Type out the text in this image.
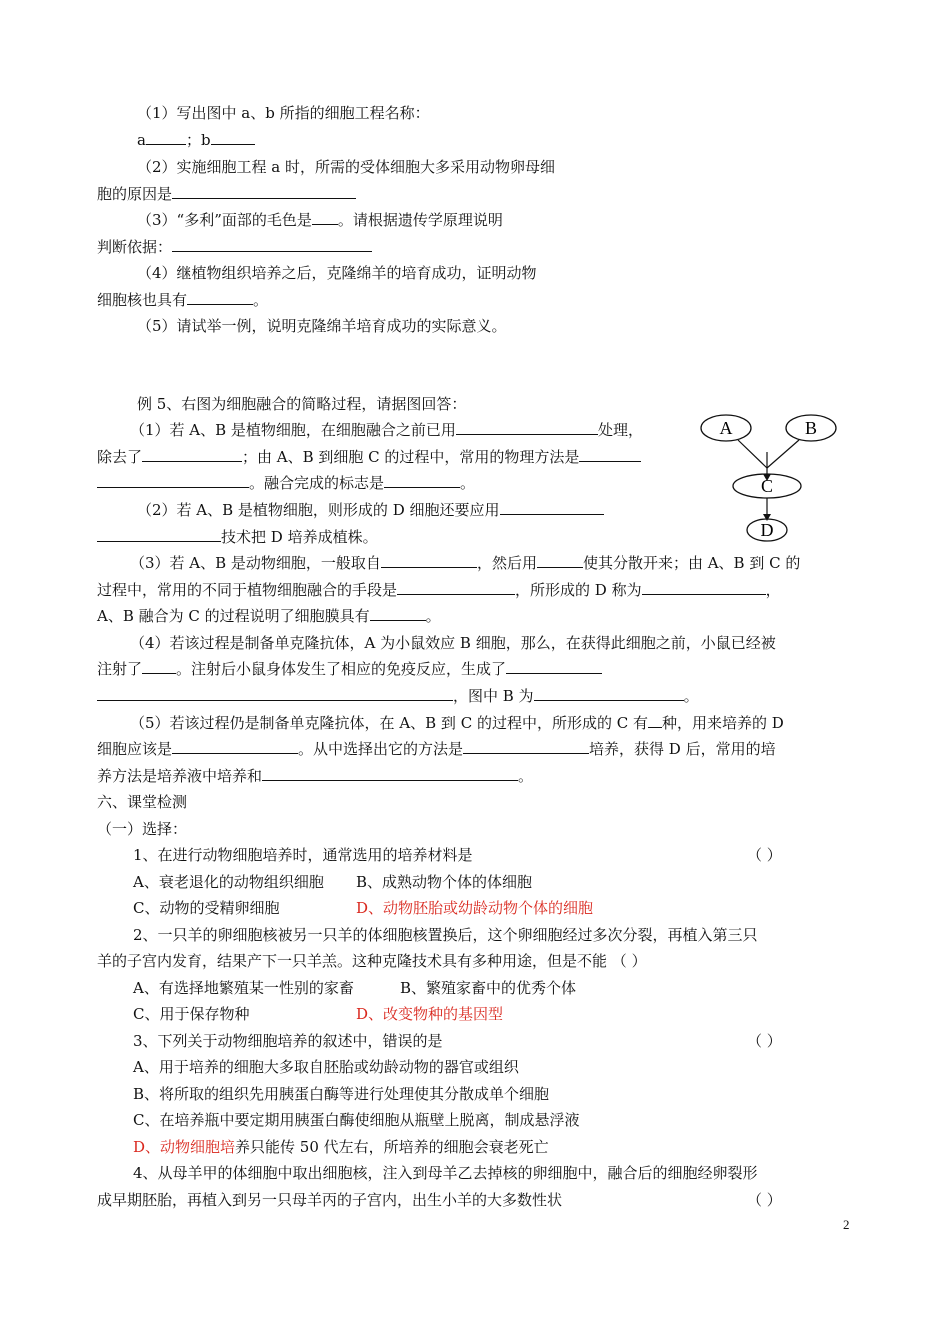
（1）写出图中 a、b 所指的细胞工程名称：
a	；b
（2）实施细胞工程 a 时，所需的受体细胞大多采用动物卵母细
胞的原因是
（3）“多利”面部的毛色是 。请根据遗传学原理说明
判断依据：
（4）继植物组织培养之后，克隆绵羊的培育成功，证明动物
细胞核也具有	。
（5）请试举一例，说明克隆绵羊培育成功的实际意义。
例 5、右图为细胞融合的简略过程，请据图回答：
（1）若 A、B 是植物细胞，在细胞融合之前已用	处理，
除去了	；由 A、B 到细胞 C 的过程中，常用的物理方法是
。融合完成的标志是	。
（2）若 A、B 是植物细胞，则形成的 D 细胞还要应用
技术把 D 培养成植株。
（3）若 A、B 是动物细胞，一般取自	，然后用	使其分散开来；由 A、B 到 C 的
过程中，常用的不同于植物细胞融合的手段是	，所形成的 D 称为	，
A、B 融合为 C 的过程说明了细胞膜具有	。
（4）若该过程是制备单克隆抗体，A 为小鼠效应 B 细胞，那么，在获得此细胞之前，小鼠已经被
注射了 。注射后小鼠身体发生了相应的免疫反应，生成了
，图中 B 为	。
（5）若该过程仍是制备单克隆抗体，在 A、B 到 C 的过程中，所形成的 C 有 种，用来培养的 D
细胞应该是	。从中选择出它的方法是	培养，获得 D 后，常用的培
养方法是培养液中培养和	。
A	B
C
D
六、课堂检测
（一）选择：
1、在进行动物细胞培养时，通常选用的培养材料是	（ ）
A、衰老退化的动物组织细胞 B、成熟动物个体的体细胞
C、动物的受精卵细胞	D、动物胚胎或幼龄动物个体的细胞
2、一只羊的卵细胞核被另一只羊的体细胞核置换后，这个卵细胞经过多次分裂，再植入第三只
羊的子宫内发育，结果产下一只羊羔。这种克隆技术具有多种用途，但是不能 （ ）
A、有选择地繁殖某一性别的家畜	B、繁殖家畜中的优秀个体
C、用于保存物种	D、改变物种的基因型
3、下列关于动物细胞培养的叙述中，错误的是	（ ）
A、用于培养的细胞大多取自胚胎或幼龄动物的器官或组织
B、将所取的组织先用胰蛋白酶等进行处理使其分散成单个细胞
C、在培养瓶中要定期用胰蛋白酶使细胞从瓶壁上脱离，制成悬浮液
D、动物细胞培养只能传 50 代左右，所培养的细胞会衰老死亡
4、从母羊甲的体细胞中取出细胞核，注入到母羊乙去掉核的卵细胞中，融合后的细胞经卵裂形
成早期胚胎，再植入到另一只母羊丙的子宫内，出生小羊的大多数性状	（ ）
2
